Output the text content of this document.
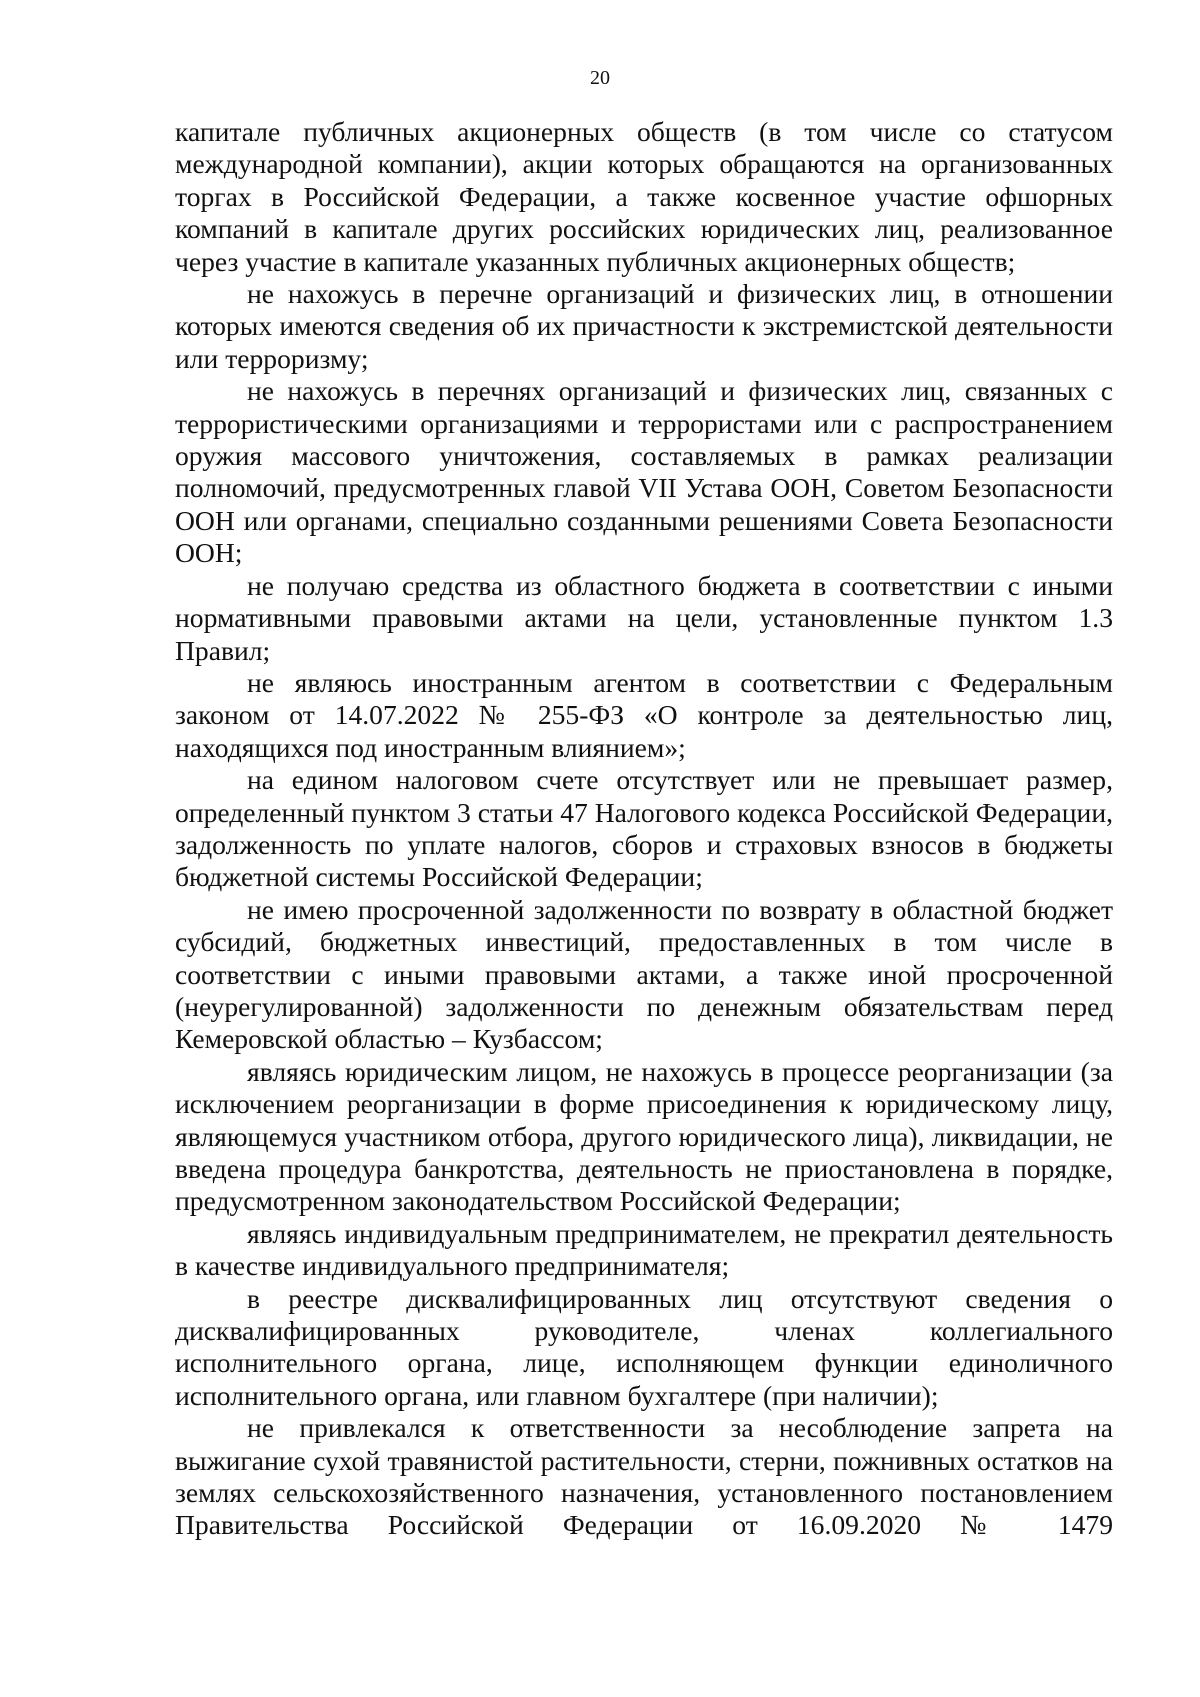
20

капитале публичных акционерных обществ (в том числе со статусом международной компании), акции которых обращаются на организованных торгах в Российской Федерации, а также косвенное участие офшорных компаний в капитале других российских юридических лиц, реализованное через участие в капитале указанных публичных акционерных обществ;

не нахожусь в перечне организаций и физических лиц, в отношении которых имеются сведения об их причастности к экстремистской деятельности или терроризму;

не нахожусь в перечнях организаций и физических лиц, связанных с террористическими организациями и террористами или с распространением оружия массового уничтожения, составляемых в рамках реализации полномочий, предусмотренных главой VII Устава ООН, Советом Безопасности ООН или органами, специально созданными решениями Совета Безопасности ООН;

не получаю средства из областного бюджета в соответствии с иными нормативными правовыми актами на цели, установленные пунктом 1.3 Правил;

не являюсь иностранным агентом в соответствии с Федеральным законом от 14.07.2022 № 255-ФЗ «О контроле за деятельностью лиц, находящихся под иностранным влиянием»;

на едином налоговом счете отсутствует или не превышает размер, определенный пунктом 3 статьи 47 Налогового кодекса Российской Федерации, задолженность по уплате налогов, сборов и страховых взносов в бюджеты бюджетной системы Российской Федерации;

не имею просроченной задолженности по возврату в областной бюджет субсидий, бюджетных инвестиций, предоставленных в том числе в соответствии с иными правовыми актами, а также иной просроченной (неурегулированной) задолженности по денежным обязательствам перед Кемеровской областью – Кузбассом;

являясь юридическим лицом, не нахожусь в процессе реорганизации (за исключением реорганизации в форме присоединения к юридическому лицу, являющемуся участником отбора, другого юридического лица), ликвидации, не введена процедура банкротства, деятельность не приостановлена в порядке, предусмотренном законодательством Российской Федерации;

являясь индивидуальным предпринимателем, не прекратил деятельность в качестве индивидуального предпринимателя;

в реестре дисквалифицированных лиц отсутствуют сведения о дисквалифицированных руководителе, членах коллегиального исполнительного органа, лице, исполняющем функции единоличного исполнительного органа, или главном бухгалтере (при наличии);

не привлекался к ответственности за несоблюдение запрета на выжигание сухой травянистой растительности, стерни, пожнивных остатков на землях сельскохозяйственного назначения, установленного постановлением Правительства Российской Федерации от 16.09.2020 № 1479
